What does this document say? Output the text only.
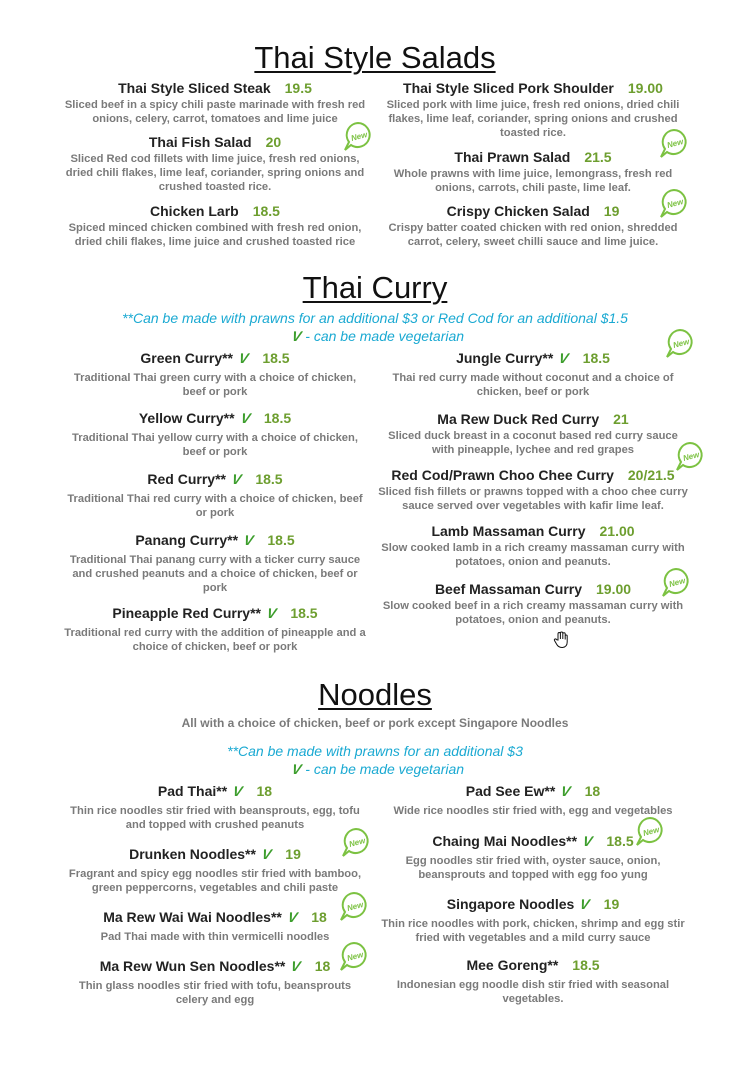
Thai Style Salads
Thai Style Sliced Steak 19.5
Sliced beef in a spicy chili paste marinade with fresh red onions, celery, carrot, tomatoes and lime juice
Thai Style Sliced Pork Shoulder 19.00
Sliced pork with lime juice, fresh red onions, dried chili flakes, lime leaf, coriander, spring onions and crushed toasted rice.
Thai Fish Salad 20
Sliced Red cod fillets with lime juice, fresh red onions, dried chili flakes, lime leaf, coriander, spring onions and crushed toasted rice.
Thai Prawn Salad 21.5
Whole prawns with lime juice, lemongrass, fresh red onions, carrots, chili paste, lime leaf.
Chicken Larb 18.5
Spiced minced chicken combined with fresh red onion, dried chili flakes, lime juice and crushed toasted rice
Crispy Chicken Salad 19
Crispy batter coated chicken with red onion, shredded carrot, celery, sweet chilli sauce and lime juice.
Thai Curry
**Can be made with prawns for an additional $3 or Red Cod for an additional $1.5
V - can be made vegetarian
Green Curry** V 18.5
Traditional Thai green curry with a choice of chicken, beef or pork
Jungle Curry** V 18.5
Thai red curry made without coconut and a choice of chicken, beef or pork
Yellow Curry** V 18.5
Traditional Thai yellow curry with a choice of chicken, beef or pork
Ma Rew Duck Red Curry 21
Sliced duck breast in a coconut based red curry sauce with pineapple, lychee and red grapes
Red Curry** V 18.5
Traditional Thai red curry with a choice of chicken, beef or pork
Red Cod/Prawn Choo Chee Curry 20/21.5
Sliced fish fillets or prawns topped with a choo chee curry sauce served over vegetables with kafir lime leaf.
Panang Curry** V 18.5
Traditional Thai panang curry with a ticker curry sauce and crushed peanuts and a choice of chicken, beef or pork
Lamb Massaman Curry 21.00
Slow cooked lamb in a rich creamy massaman curry with potatoes, onion and peanuts.
Pineapple Red Curry** V 18.5
Traditional red curry with the addition of pineapple and a choice of chicken, beef or pork
Beef Massaman Curry 19.00
Slow cooked beef in a rich creamy massaman curry with potatoes, onion and peanuts.
Noodles
All with a choice of chicken, beef or pork except Singapore Noodles
**Can be made with prawns for an additional $3
V - can be made vegetarian
Pad Thai** V 18
Thin rice noodles stir fried with beansprouts, egg, tofu and topped with crushed peanuts
Pad See Ew** V 18
Wide rice noodles stir fried with, egg and vegetables
Drunken Noodles** V 19
Fragrant and spicy egg noodles stir fried with bamboo, green peppercorns, vegetables and chili paste
Chaing Mai Noodles** V 18.5
Egg noodles stir fried with, oyster sauce, onion, beansprouts and topped with egg foo yung
Ma Rew Wai Wai Noodles** V 18
Pad Thai made with thin vermicelli noodles
Singapore Noodles V 19
Thin rice noodles with pork, chicken, shrimp and egg stir fried with vegetables and a mild curry sauce
Ma Rew Wun Sen Noodles** V 18
Thin glass noodles stir fried with tofu, beansprouts celery and egg
Mee Goreng** 18.5
Indonesian egg noodle dish stir fried with seasonal vegetables.
New
New
New
New
New
New
New
New
New
New
